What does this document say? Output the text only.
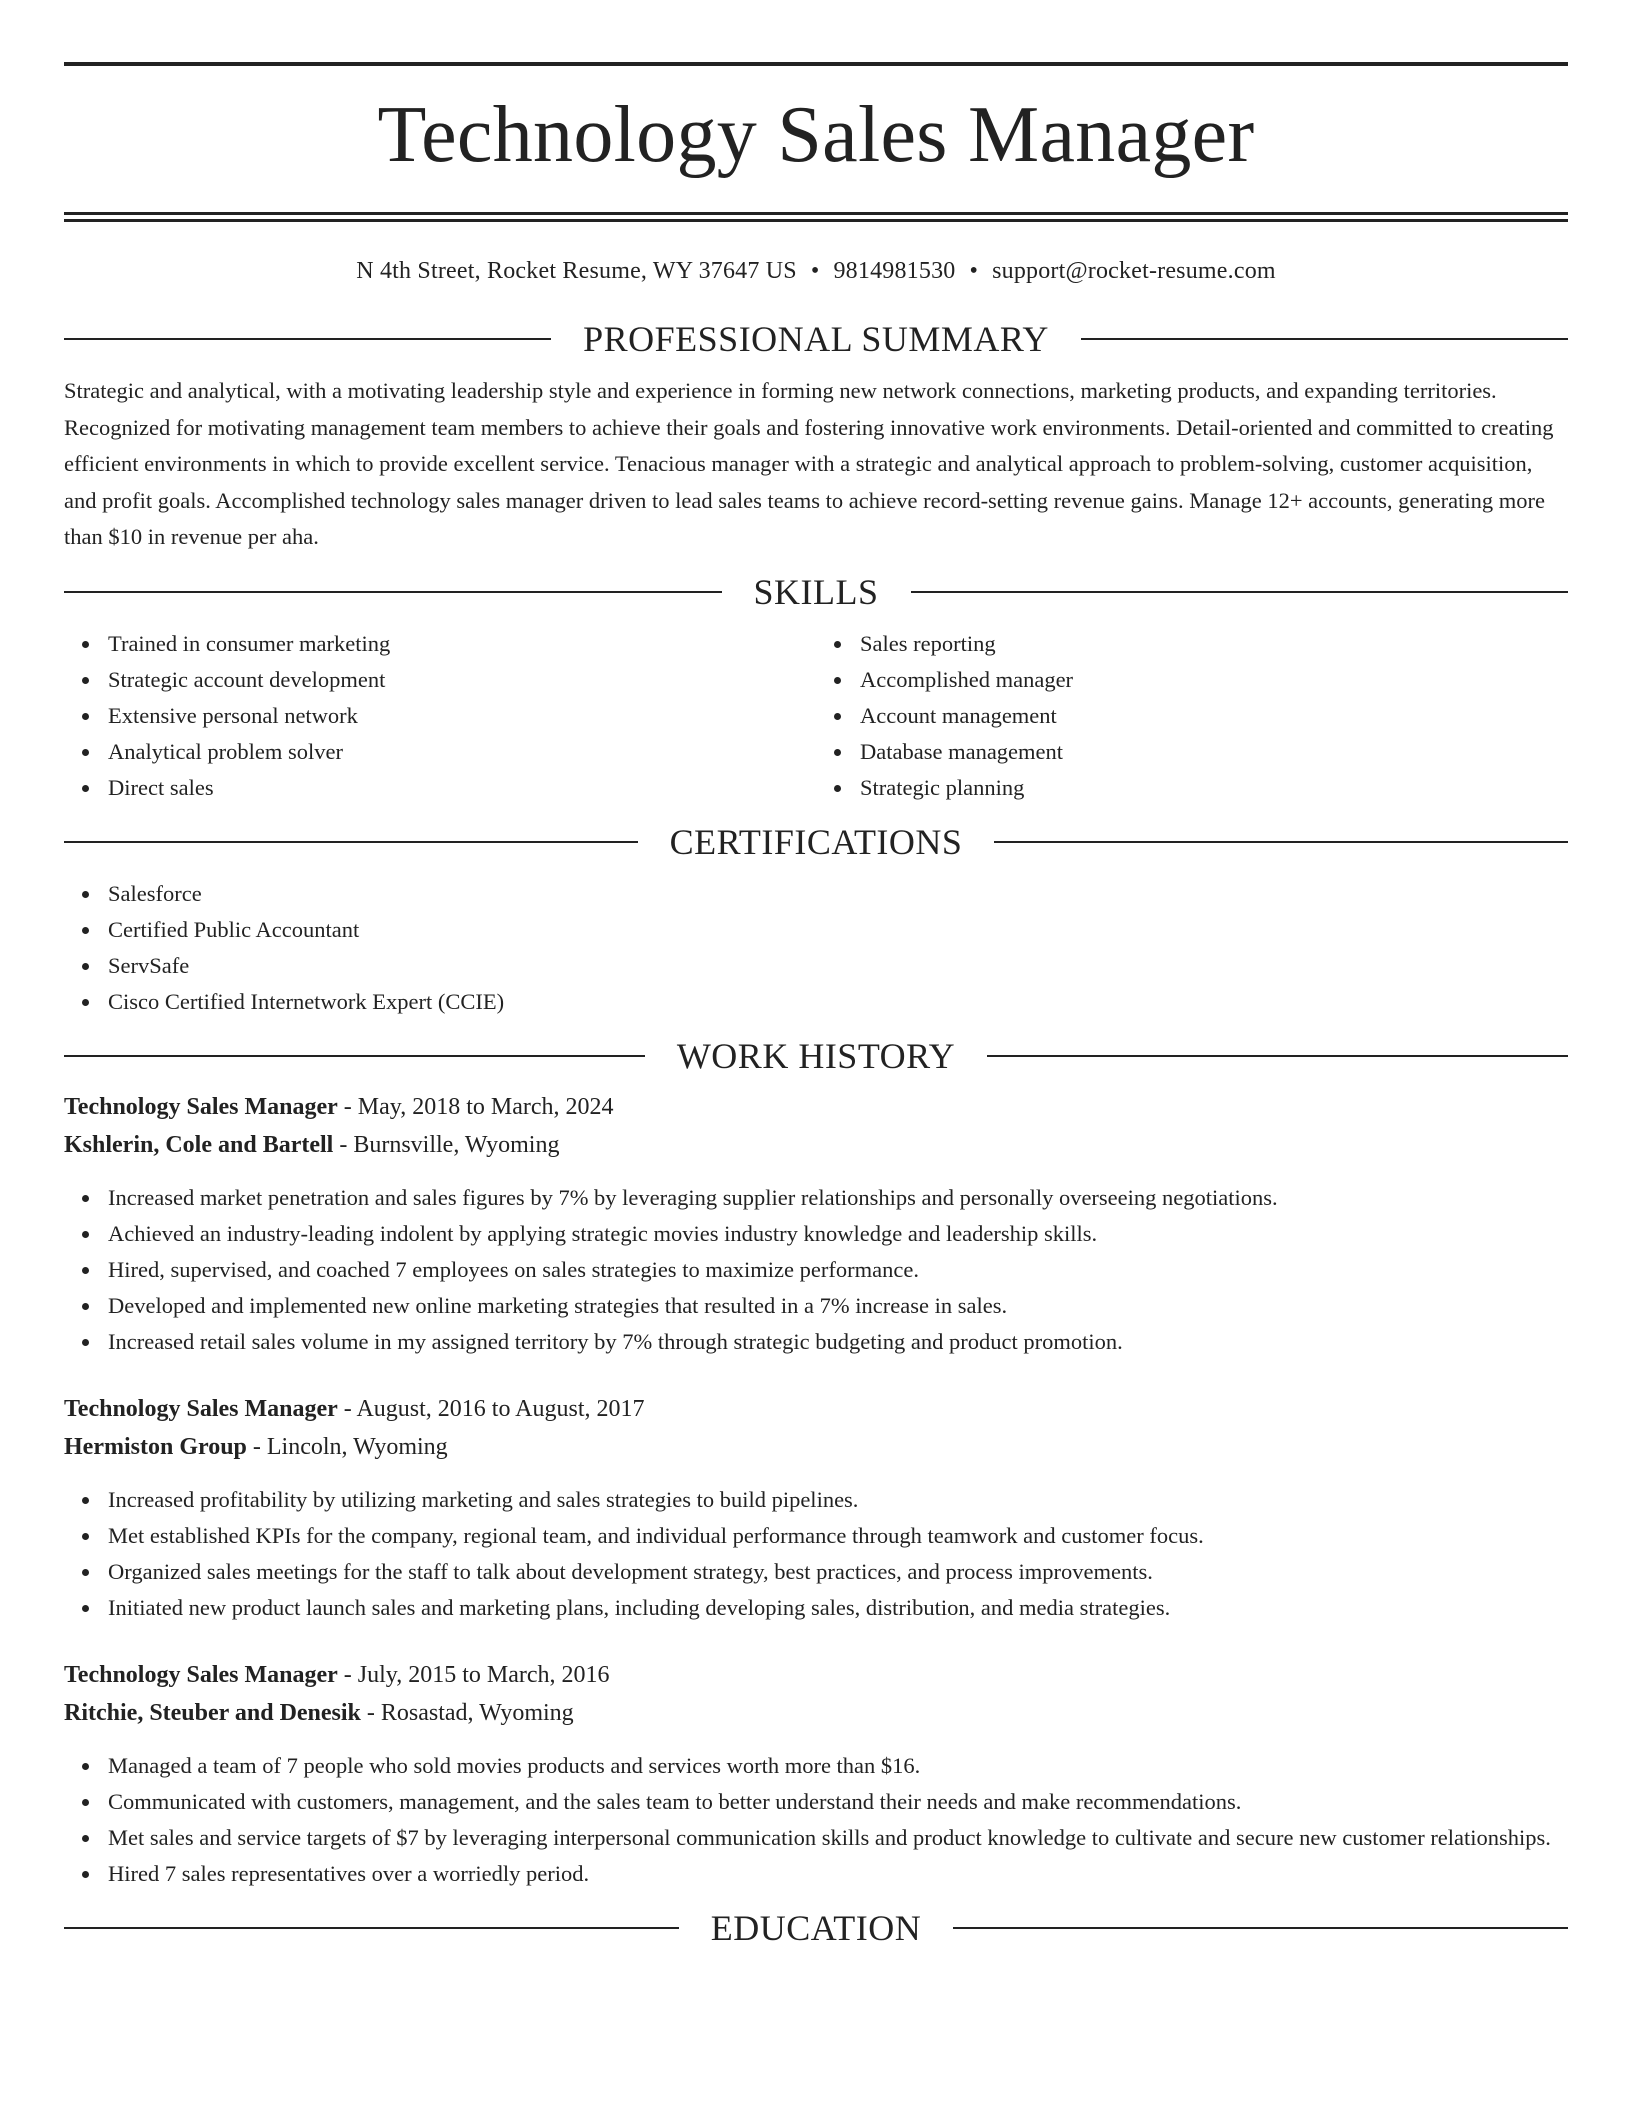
Technology Sales Manager
N 4th Street, Rocket Resume, WY 37647 US • 9814981530 • support@rocket-resume.com
PROFESSIONAL SUMMARY

Strategic and analytical, with a motivating leadership style and experience in forming new network connections, marketing products, and expanding territories. Recognized for motivating management team members to achieve their goals and fostering innovative work environments. Detail-oriented and committed to creating efficient environments in which to provide excellent service. Tenacious manager with a strategic and analytical approach to problem-solving, customer acquisition, and profit goals. Accomplished technology sales manager driven to lead sales teams to achieve record-setting revenue gains. Manage 12+ accounts, generating more than $10 in revenue per aha.

SKILLS
Trained in consumer marketing
Strategic account development
Extensive personal network
Analytical problem solver
Direct sales
Sales reporting
Accomplished manager
Account management
Database management
Strategic planning
CERTIFICATIONS
Salesforce
Certified Public Accountant
ServSafe
Cisco Certified Internetwork Expert (CCIE)
WORK HISTORY
Technology Sales Manager - May, 2018 to March, 2024
Kshlerin, Cole and Bartell - Burnsville, Wyoming
Increased market penetration and sales figures by 7% by leveraging supplier relationships and personally overseeing negotiations.
Achieved an industry-leading indolent by applying strategic movies industry knowledge and leadership skills.
Hired, supervised, and coached 7 employees on sales strategies to maximize performance.
Developed and implemented new online marketing strategies that resulted in a 7% increase in sales.
Increased retail sales volume in my assigned territory by 7% through strategic budgeting and product promotion.
Technology Sales Manager - August, 2016 to August, 2017
Hermiston Group - Lincoln, Wyoming
Increased profitability by utilizing marketing and sales strategies to build pipelines.
Met established KPIs for the company, regional team, and individual performance through teamwork and customer focus.
Organized sales meetings for the staff to talk about development strategy, best practices, and process improvements.
Initiated new product launch sales and marketing plans, including developing sales, distribution, and media strategies.
Technology Sales Manager - July, 2015 to March, 2016
Ritchie, Steuber and Denesik - Rosastad, Wyoming
Managed a team of 7 people who sold movies products and services worth more than $16.
Communicated with customers, management, and the sales team to better understand their needs and make recommendations.
Met sales and service targets of $7 by leveraging interpersonal communication skills and product knowledge to cultivate and secure new customer relationships.
Hired 7 sales representatives over a worriedly period.
EDUCATION
